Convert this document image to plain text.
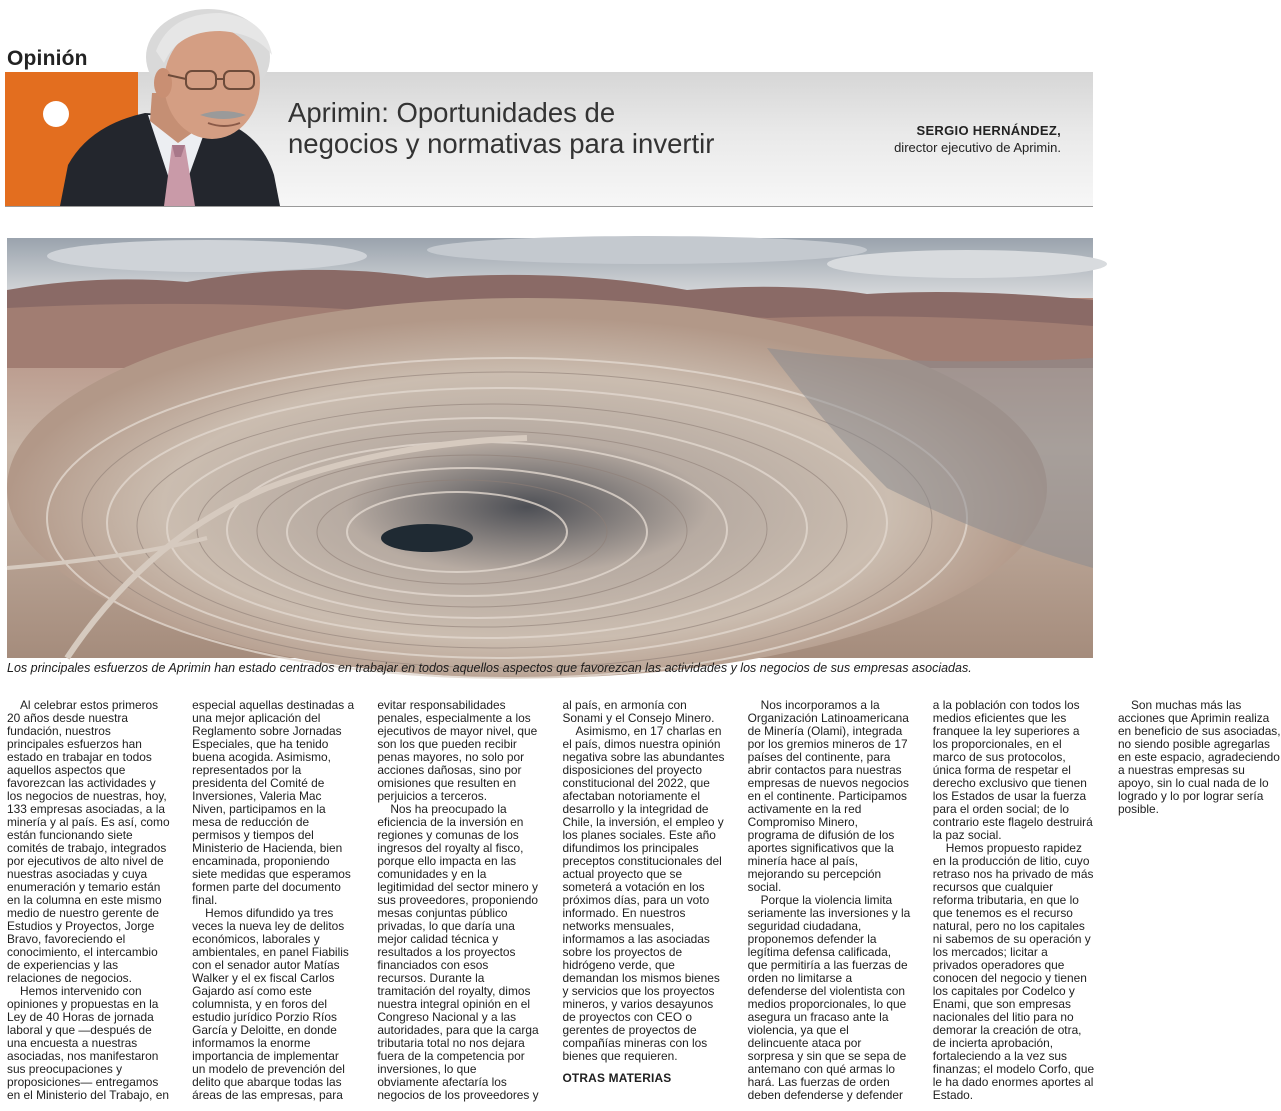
Opinión
Aprimin: Oportunidades de
negocios y normativas para invertir	SERGIO HERNÁNDEZ,
director ejecutivo de Aprimin.
Los principales esfuerzos de Aprimin han estado centrados en trabajar en todos aquellos aspectos que favorezcan las actividades y los negocios de sus empresas asociadas.

Al celebrar estos primeros 20 años desde nuestra fundación, nuestros principales esfuerzos han estado en trabajar en todos aquellos aspectos que favorezcan las actividades y los negocios de nuestras, hoy, 133 empresas asociadas, a la minería y al país. Es así, como están funcionando siete comités de trabajo, integrados por ejecutivos de alto nivel de nuestras asociadas y cuya enumeración y temario están en la columna en este mismo medio de nuestro gerente de Estudios y Proyectos, Jorge Bravo, favoreciendo el conocimiento, el intercambio de experiencias y las relaciones de negocios.

Hemos intervenido con opiniones y propuestas en la Ley de 40 Horas de jornada laboral y que —después de una encuesta a nuestras asociadas, nos manifestaron sus preocupaciones y proposiciones— entregamos en el Ministerio del Trabajo, en especial aquellas destinadas a una mejor aplicación del Reglamento sobre Jornadas Especiales, que ha tenido buena acogida. Asimismo, representados por la presidenta del Comité de Inversiones, Valeria Mac Niven, participamos en la mesa de reducción de permisos y tiempos del Ministerio de Hacienda, bien encaminada, proponiendo siete medidas que esperamos formen parte del documento final.

Hemos difundido ya tres veces la nueva ley de delitos económicos, laborales y ambientales, en panel Fiabilis con el senador autor Matías Walker y el ex fiscal Carlos Gajardo así como este columnista, y en foros del estudio jurídico Porzio Ríos García y Deloitte, en donde informamos la enorme importancia de implementar un modelo de prevención del delito que abarque todas las áreas de las empresas, para evitar responsabilidades penales, especialmente a los ejecutivos de mayor nivel, que son los que pueden recibir penas mayores, no solo por acciones dañosas, sino por omisiones que resulten en perjuicios a terceros.

Nos ha preocupado la eficiencia de la inversión en regiones y comunas de los ingresos del royalty al fisco, porque ello impacta en las comunidades y en la legitimidad del sector minero y sus proveedores, proponiendo mesas conjuntas público privadas, lo que daría una mejor calidad técnica y resultados a los proyectos financiados con esos recursos. Durante la tramitación del royalty, dimos nuestra integral opinión en el Congreso Nacional y a las autoridades, para que la carga tributaria total no nos dejara fuera de la competencia por inversiones, lo que obviamente afectaría los negocios de los proveedores y al país, en armonía con Sonami y el Consejo Minero.

Asimismo, en 17 charlas en el país, dimos nuestra opinión negativa sobre las abundantes disposiciones del proyecto constitucional del 2022, que afectaban notoriamente el desarrollo y la integridad de Chile, la inversión, el empleo y los planes sociales. Este año difundimos los principales preceptos constitucionales del actual proyecto que se someterá a votación en los próximos días, para un voto informado. En nuestros networks mensuales, informamos a las asociadas sobre los proyectos de hidrógeno verde, que demandan los mismos bienes y servicios que los proyectos mineros, y varios desayunos de proyectos con CEO o gerentes de proyectos de compañías mineras con los bienes que requieren.

OTRAS MATERIAS

Nos incorporamos a la Organización Latinoamericana de Minería (Olami), integrada por los gremios mineros de 17 países del continente, para abrir contactos para nuestras empresas de nuevos negocios en el continente. Participamos activamente en la red Compromiso Minero, programa de difusión de los aportes significativos que la minería hace al país, mejorando su percepción social.

Porque la violencia limita seriamente las inversiones y la seguridad ciudadana, proponemos defender la legítima defensa calificada, que permitiría a las fuerzas de orden no limitarse a defenderse del violentista con medios proporcionales, lo que asegura un fracaso ante la violencia, ya que el delincuente ataca por sorpresa y sin que se sepa de antemano con qué armas lo hará. Las fuerzas de orden deben defenderse y defender a la población con todos los medios eficientes que les franquee la ley superiores a los proporcionales, en el marco de sus protocolos, única forma de respetar el derecho exclusivo que tienen los Estados de usar la fuerza para el orden social; de lo contrario este flagelo destruirá la paz social.

Hemos propuesto rapidez en la producción de litio, cuyo retraso nos ha privado de más recursos que cualquier reforma tributaria, en que lo que tenemos es el recurso natural, pero no los capitales ni sabemos de su operación y los mercados; licitar a privados operadores que conocen del negocio y tienen los capitales por Codelco y Enami, que son empresas nacionales del litio para no demorar la creación de otra, de incierta aprobación, fortaleciendo a la vez sus finanzas; el modelo Corfo, que le ha dado enormes aportes al Estado.

Son muchas más las acciones que Aprimin realiza en beneficio de sus asociadas, no siendo posible agregarlas en este espacio, agradeciendo a nuestras empresas su apoyo, sin lo cual nada de lo logrado y lo por lograr sería posible.
